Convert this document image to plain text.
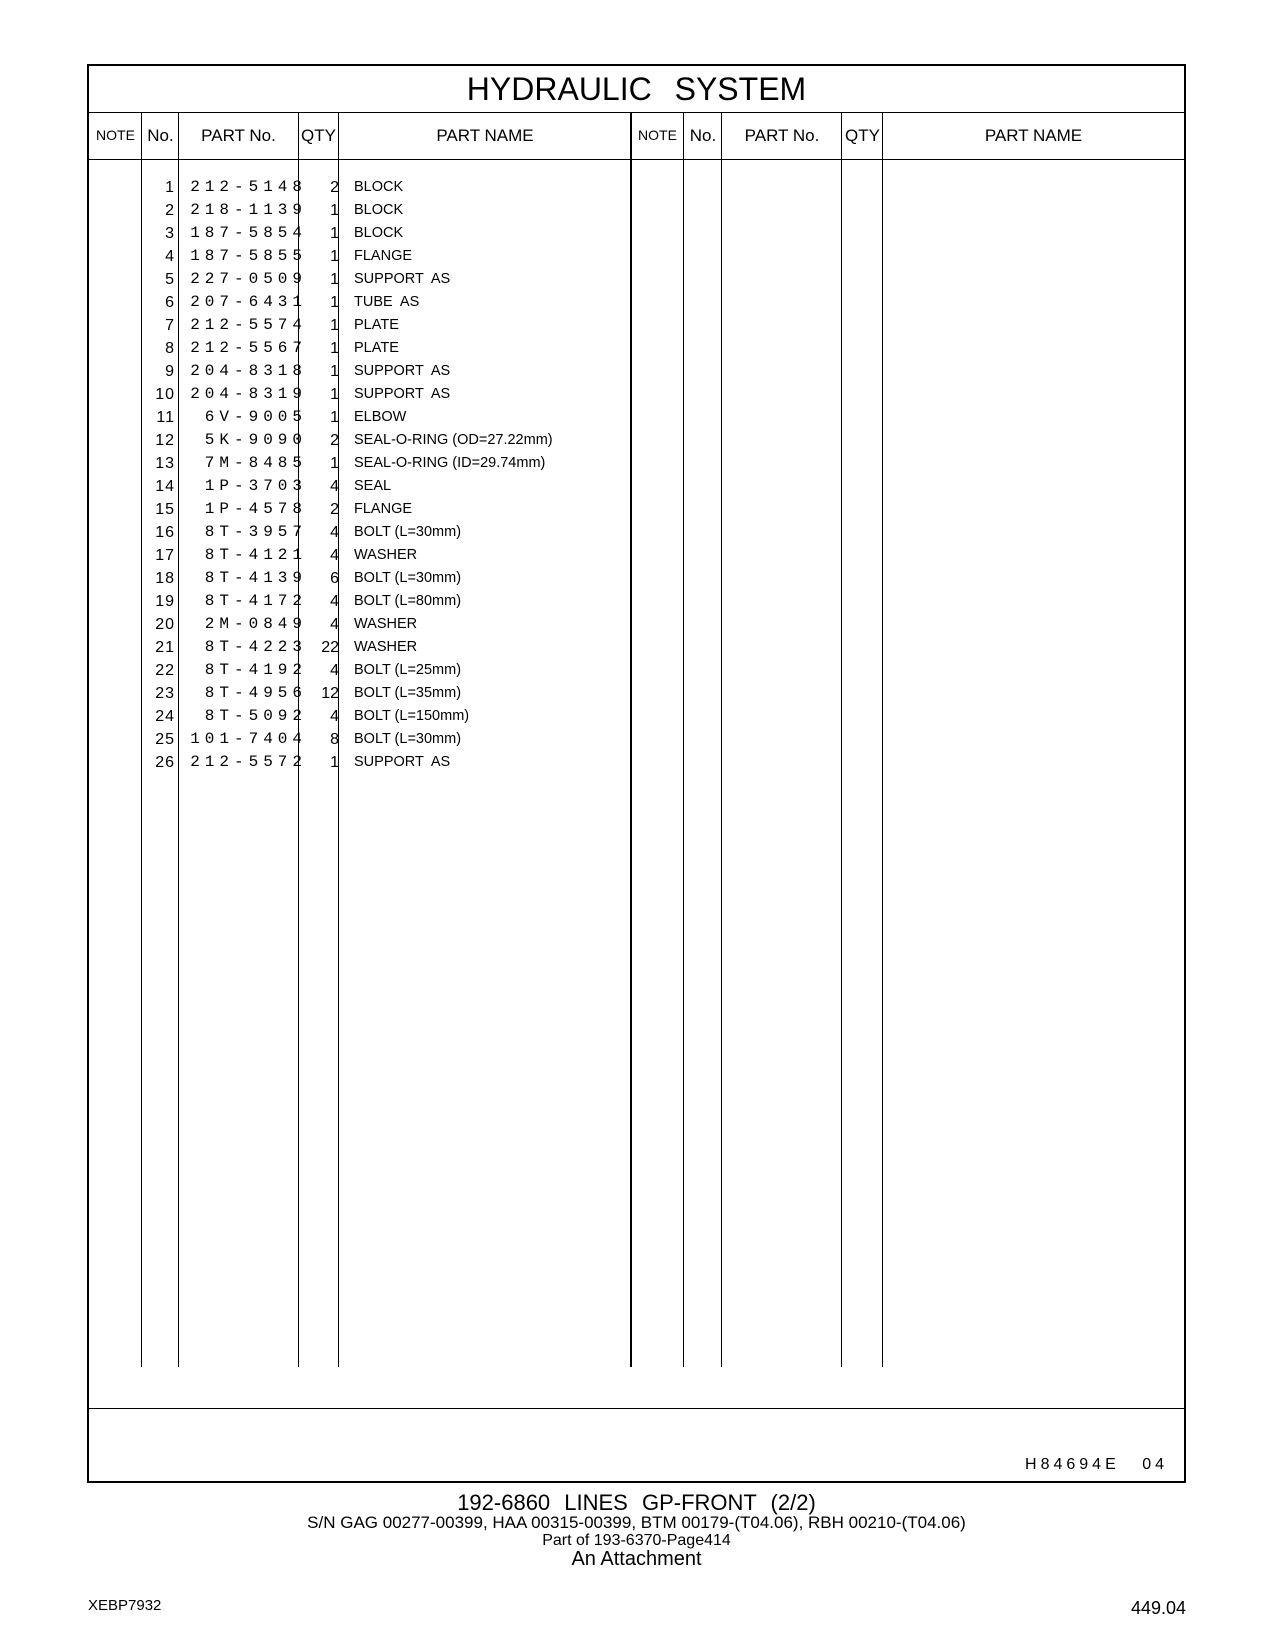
HYDRAULIC SYSTEM
NOTE No.	PART No.	QTY	PART NAME	NOTE No.	PART No.	QTY	PART NAME
1 212-5148	2 BLOCK
2 218-1139	1 BLOCK
3 187-5854	1 BLOCK
4 187-5855	1 FLANGE
5 227-0509	1 SUPPORT  AS
6 207-6431	1 TUBE  AS
7 212-5574	1 PLATE
8 212-5567	1 PLATE
9 204-8318	1 SUPPORT  AS
10 204-8319	1 SUPPORT  AS
11	6V-9005	1 ELBOW
12	5K-9090	2 SEAL-O-RING (OD=27.22mm)
13	7M-8485	1 SEAL-O-RING (ID=29.74mm)
14	1P-3703	4 SEAL
15	1P-4578	2 FLANGE
16	8T-3957	4 BOLT (L=30mm)
17	8T-4121	4 WASHER
18	8T-4139	6 BOLT (L=30mm)
19	8T-4172	4 BOLT (L=80mm)
20	2M-0849	4 WASHER
21	8T-4223 22 WASHER
22	8T-4192	4 BOLT (L=25mm)
23	8T-4956 12 BOLT (L=35mm)
24	8T-5092	4 BOLT (L=150mm)
25 101-7404	8 BOLT (L=30mm)
26 212-5572	1 SUPPORT  AS
H84694E 04
192-6860 LINES GP-FRONT (2/2)
S/N GAG 00277-00399, HAA 00315-00399, BTM 00179-(T04.06), RBH 00210-(T04.06)
Part of 193-6370-Page414
An Attachment
XEBP7932	449.04
